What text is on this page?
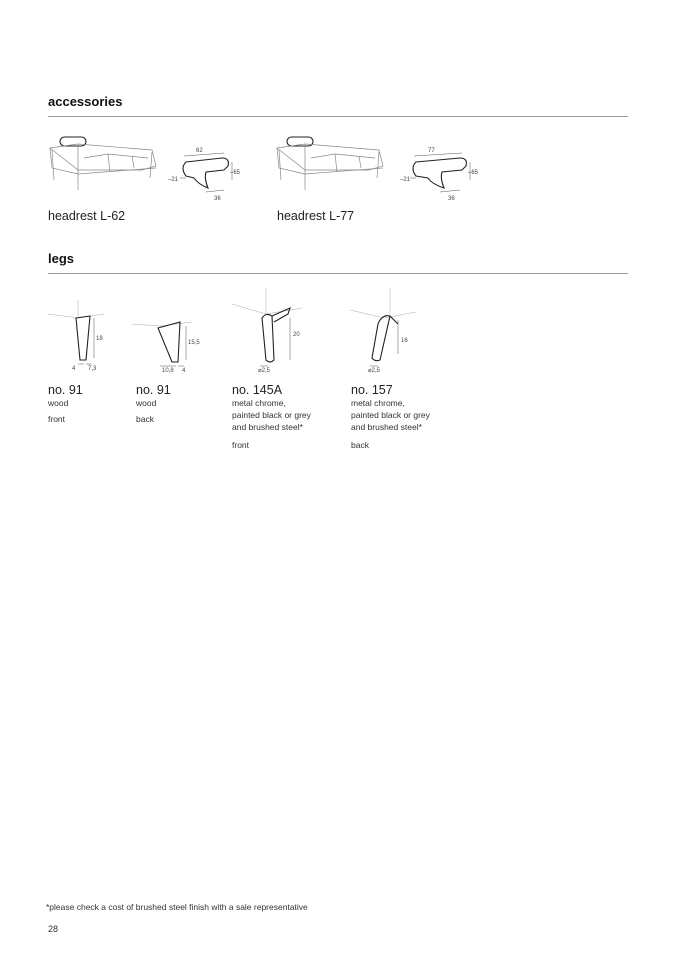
accessories
62
–21
–65
36
headrest L-62
77
–21
–65
36
headrest L-77
legs
18
4 7,3
no. 91
wood
front
15,5
10,8 4
no. 91
wood
back
20
⌀2,5
no. 145A
metal chrome,
painted black or grey
and brushed steel*
front
16
⌀2,5
no. 157
metal chrome,
painted black or grey
and brushed steel*
back
*please check a cost of brushed steel finish with a sale representative
28
